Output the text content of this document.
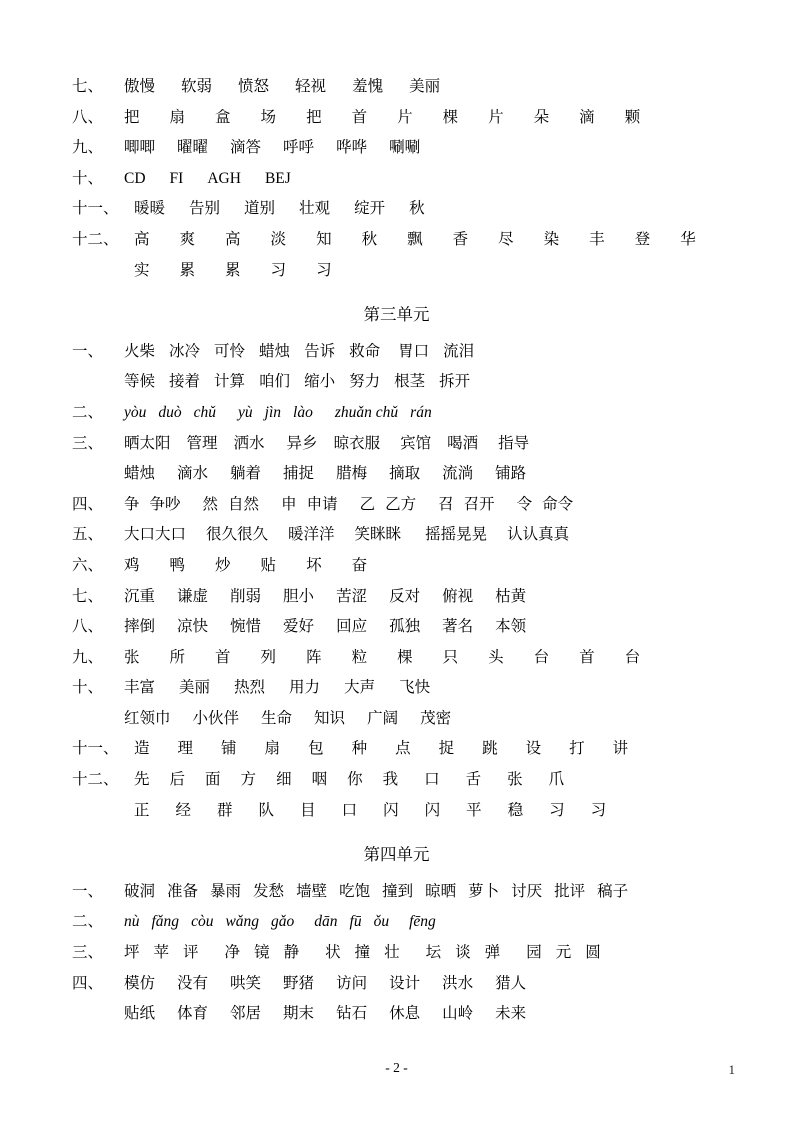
七、	傲慢 软弱 愤怒 轻视 羞愧 美丽
八、	把 扇 盒 场 把 首 片 棵 片 朵 滴 颗
九、	唧唧 曜曜 滴答 呼呼 哗哗 唰唰
十、	CD FI AGH BEJ
十一、 暖暖 告别 道别 壮观 绽开 秋
十二、 高 爽 高 淡 知 秋 飘 香 尽 染 丰 登 华
实 累 累 习 习
第三单元
一、	火柴 冰冷 可怜 蜡烛 告诉 救命 胃口 流泪
等候 接着 计算 咱们 缩小 努力 根茎 拆开
二、	yòu duò chǔ yù jìn lào zhuǎn chǔ rán
三、	晒太阳 管理 洒水 异乡 晾衣服 宾馆 喝酒 指导
蜡烛 滴水 躺着 捕捉 腊梅 摘取 流淌 铺路
四、	争 争吵 然 自然 申 申请 乙 乙方 召 召开 令 命令
五、	大口大口 很久很久 暖洋洋 笑眯眯 摇摇晃晃 认认真真
六、	鸡 鸭 炒 贴 坏 奋
七、	沉重 谦虚 削弱 胆小 苦涩 反对 俯视 枯黄
八、	摔倒 凉快 惋惜 爱好 回应 孤独 著名 本领
九、	张 所 首 列 阵 粒 棵 只 头 台 首 台
十、	丰富 美丽 热烈 用力 大声 飞快
红领巾 小伙伴 生命 知识 广阔 茂密
十一、 造 理 铺 扇 包 种 点 捉 跳 设 打 讲
十二、 先 后 面 方 细 咽 你 我 口 舌 张 爪
正 经 群 队 目 口 闪 闪 平 稳 习 习
第四单元
一、	破洞 准备 暴雨 发愁 墙壁 吃饱 撞到 晾晒 萝卜 讨厌 批评 稿子
二、	nù fǎng còu wǎng gǎo dān fū ǒu fēng
三、	坪 苹 评 净 镜 静 状 撞 壮 坛 谈 弹 园 元 圆
四、	模仿 没有 哄笑 野猪 访问 设计 洪水 猎人
贴纸 体育 邻居 期末 钻石 休息 山岭 未来
- 2 -	1
